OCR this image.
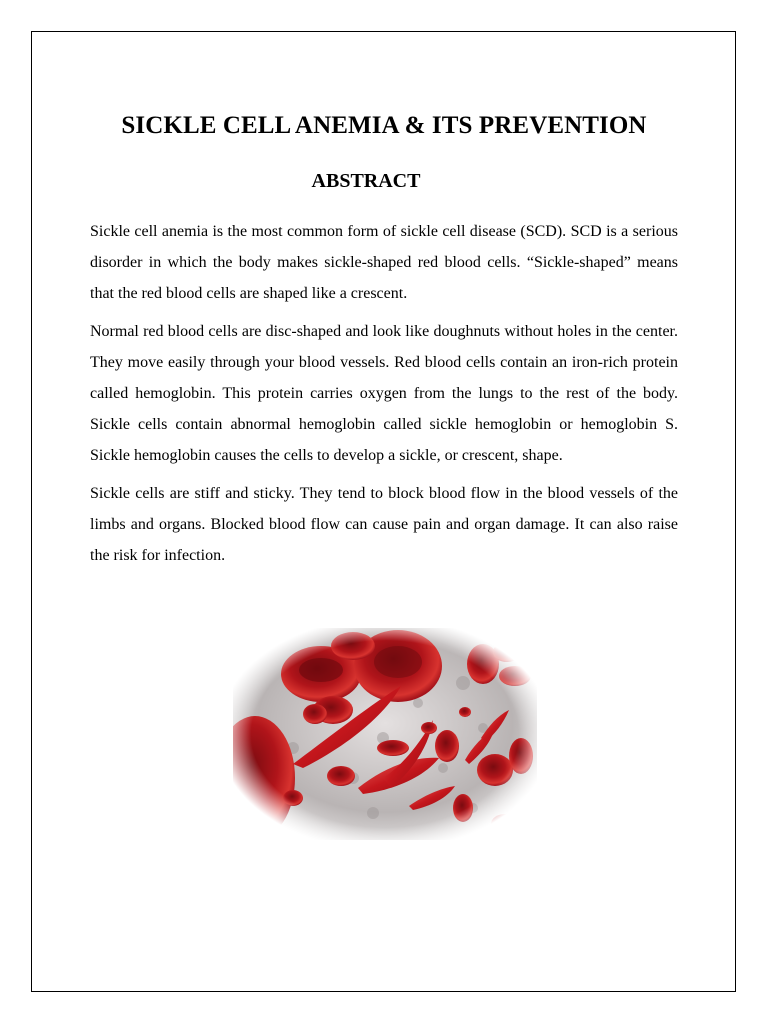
SICKLE CELL ANEMIA & ITS PREVENTION
ABSTRACT

Sickle cell anemia is the most common form of sickle cell disease (SCD). SCD is a serious disorder in which the body makes sickle-shaped red blood cells. “Sickle-shaped” means that the red blood cells are shaped like a crescent.

Normal red blood cells are disc-shaped and look like doughnuts without holes in the center. They move easily through your blood vessels. Red blood cells contain an iron-rich protein called hemoglobin. This protein carries oxygen from the lungs to the rest of the body. Sickle cells contain abnormal hemoglobin called sickle hemoglobin or hemoglobin S. Sickle hemoglobin causes the cells to develop a sickle, or crescent, shape.

Sickle cells are stiff and sticky. They tend to block blood flow in the blood vessels of the limbs and organs. Blocked blood flow can cause pain and organ damage. It can also raise the risk for infection.
